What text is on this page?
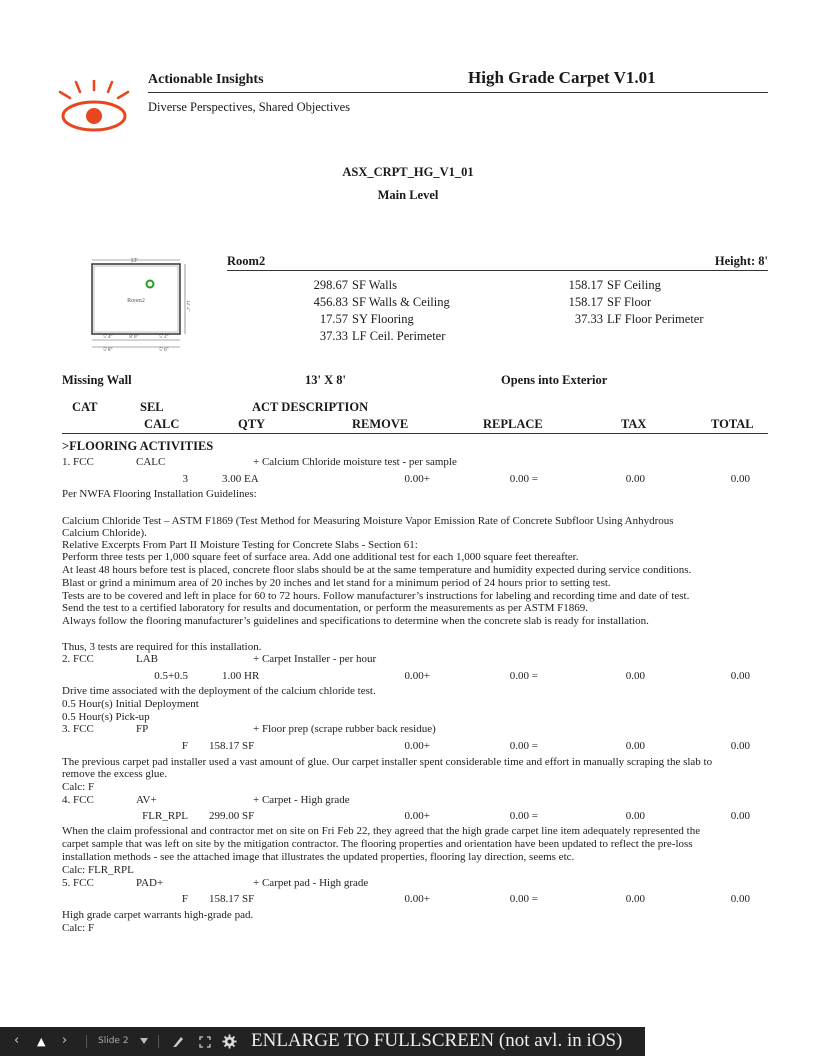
Actionable Insights
Diverse Perspectives, Shared Objectives
High Grade Carpet V1.01
ASX_CRPT_HG_V1_01
Main Level
13'
12' 2"
Room2
5' 4"	8' 0"	5' 2"
5' 8"	5' 6"
Room2	Height: 8'
298.67 SF Walls	158.17 SF Ceiling
456.83 SF Walls & Ceiling	158.17 SF Floor
17.57 SY Flooring	37.33 LF Floor Perimeter
37.33 LF Ceil. Perimeter
Missing Wall	13' X 8'	Opens into Exterior
CAT	SEL	ACT DESCRIPTION
CALC	QTY	REMOVE	REPLACE	TAX	TOTAL
>FLOORING ACTIVITIES
1. FCC	CALC	+ Calcium Chloride moisture test - per sample
3	3.00 EA	0.00+	0.00 =	0.00	0.00
Per NWFA Flooring Installation Guidelines:
Calcium Chloride Test – ASTM F1869 (Test Method for Measuring Moisture Vapor Emission Rate of Concrete Subfloor Using Anhydrous
Calcium Chloride).
Relative Excerpts From Part II Moisture Testing for Concrete Slabs - Section 61:
Perform three tests per 1,000 square feet of surface area. Add one additional test for each 1,000 square feet thereafter.
At least 48 hours before test is placed, concrete floor slabs should be at the same temperature and humidity expected during service conditions.
Blast or grind a minimum area of 20 inches by 20 inches and let stand for a minimum period of 24 hours prior to setting test.
Tests are to be covered and left in place for 60 to 72 hours. Follow manufacturer’s instructions for labeling and recording time and date of test.
Send the test to a certified laboratory for results and documentation, or perform the measurements as per ASTM F1869.
Always follow the flooring manufacturer’s guidelines and specifications to determine when the concrete slab is ready for installation.
Thus, 3 tests are required for this installation.
2. FCC	LAB	+ Carpet Installer - per hour
0.5+0.5	1.00 HR	0.00+	0.00 =	0.00	0.00
Drive time associated with the deployment of the calcium chloride test.
0.5 Hour(s) Initial Deployment
0.5 Hour(s) Pick-up
3. FCC	FP	+ Floor prep (scrape rubber back residue)
F 158.17 SF	0.00+	0.00 =	0.00	0.00
The previous carpet pad installer used a vast amount of glue. Our carpet installer spent considerable time and effort in manually scraping the slab to
remove the excess glue.
Calc: F
4. FCC	AV+	+ Carpet - High grade
FLR_RPL 299.00 SF	0.00+	0.00 =	0.00	0.00
When the claim professional and contractor met on site on Fri Feb 22, they agreed that the high grade carpet line item adequately represented the
carpet sample that was left on site by the mitigation contractor. The flooring properties and orientation have been updated to reflect the pre-loss
installation methods - see the attached image that illustrates the updated properties, flooring lay direction, seems etc.
Calc: FLR_RPL
5. FCC	PAD+	+ Carpet pad - High grade
F 158.17 SF	0.00+	0.00 =	0.00	0.00
High grade carpet warrants high-grade pad.
Calc: F
‹ ▲ ›	Slide 2	ENLARGE TO FULLSCREEN (not avl. in iOS)
